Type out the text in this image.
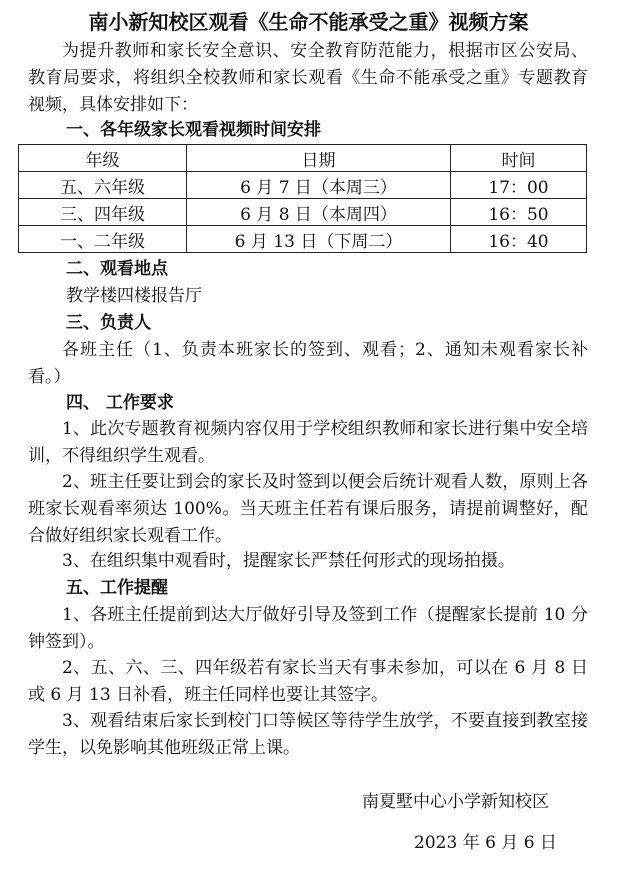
南小新知校区观看《生命不能承受之重》视频方案
为提升教师和家长安全意识、安全教育防范能力，根据市区公安局、教育局要求，将组织全校教师和家长观看《生命不能承受之重》专题教育视频，具体安排如下：
一、各年级家长观看视频时间安排
年级	日期	时间
五、六年级	6 月 7 日（本周三）	17：00
三、四年级	6 月 8 日（本周四）	16：50
一、二年级	6 月 13 日（下周二）	16：40
二、观看地点
教学楼四楼报告厅
三、负责人
各班主任（1、负责本班家长的签到、观看；2、通知未观看家长补看。）
四、 工作要求
1、此次专题教育视频内容仅用于学校组织教师和家长进行集中安全培训，不得组织学生观看。
2、班主任要让到会的家长及时签到以便会后统计观看人数，原则上各班家长观看率须达 100%。当天班主任若有课后服务，请提前调整好，配合做好组织家长观看工作。
3、在组织集中观看时，提醒家长严禁任何形式的现场拍摄。
五、工作提醒
1、各班主任提前到达大厅做好引导及签到工作（提醒家长提前 10 分钟签到）。
2、五、六、三、四年级若有家长当天有事未参加，可以在 6 月 8 日或 6 月 13 日补看，班主任同样也要让其签字。
3、观看结束后家长到校门口等候区等待学生放学，不要直接到教室接学生，以免影响其他班级正常上课。
南夏墅中心小学新知校区
2023 年 6 月 6 日
